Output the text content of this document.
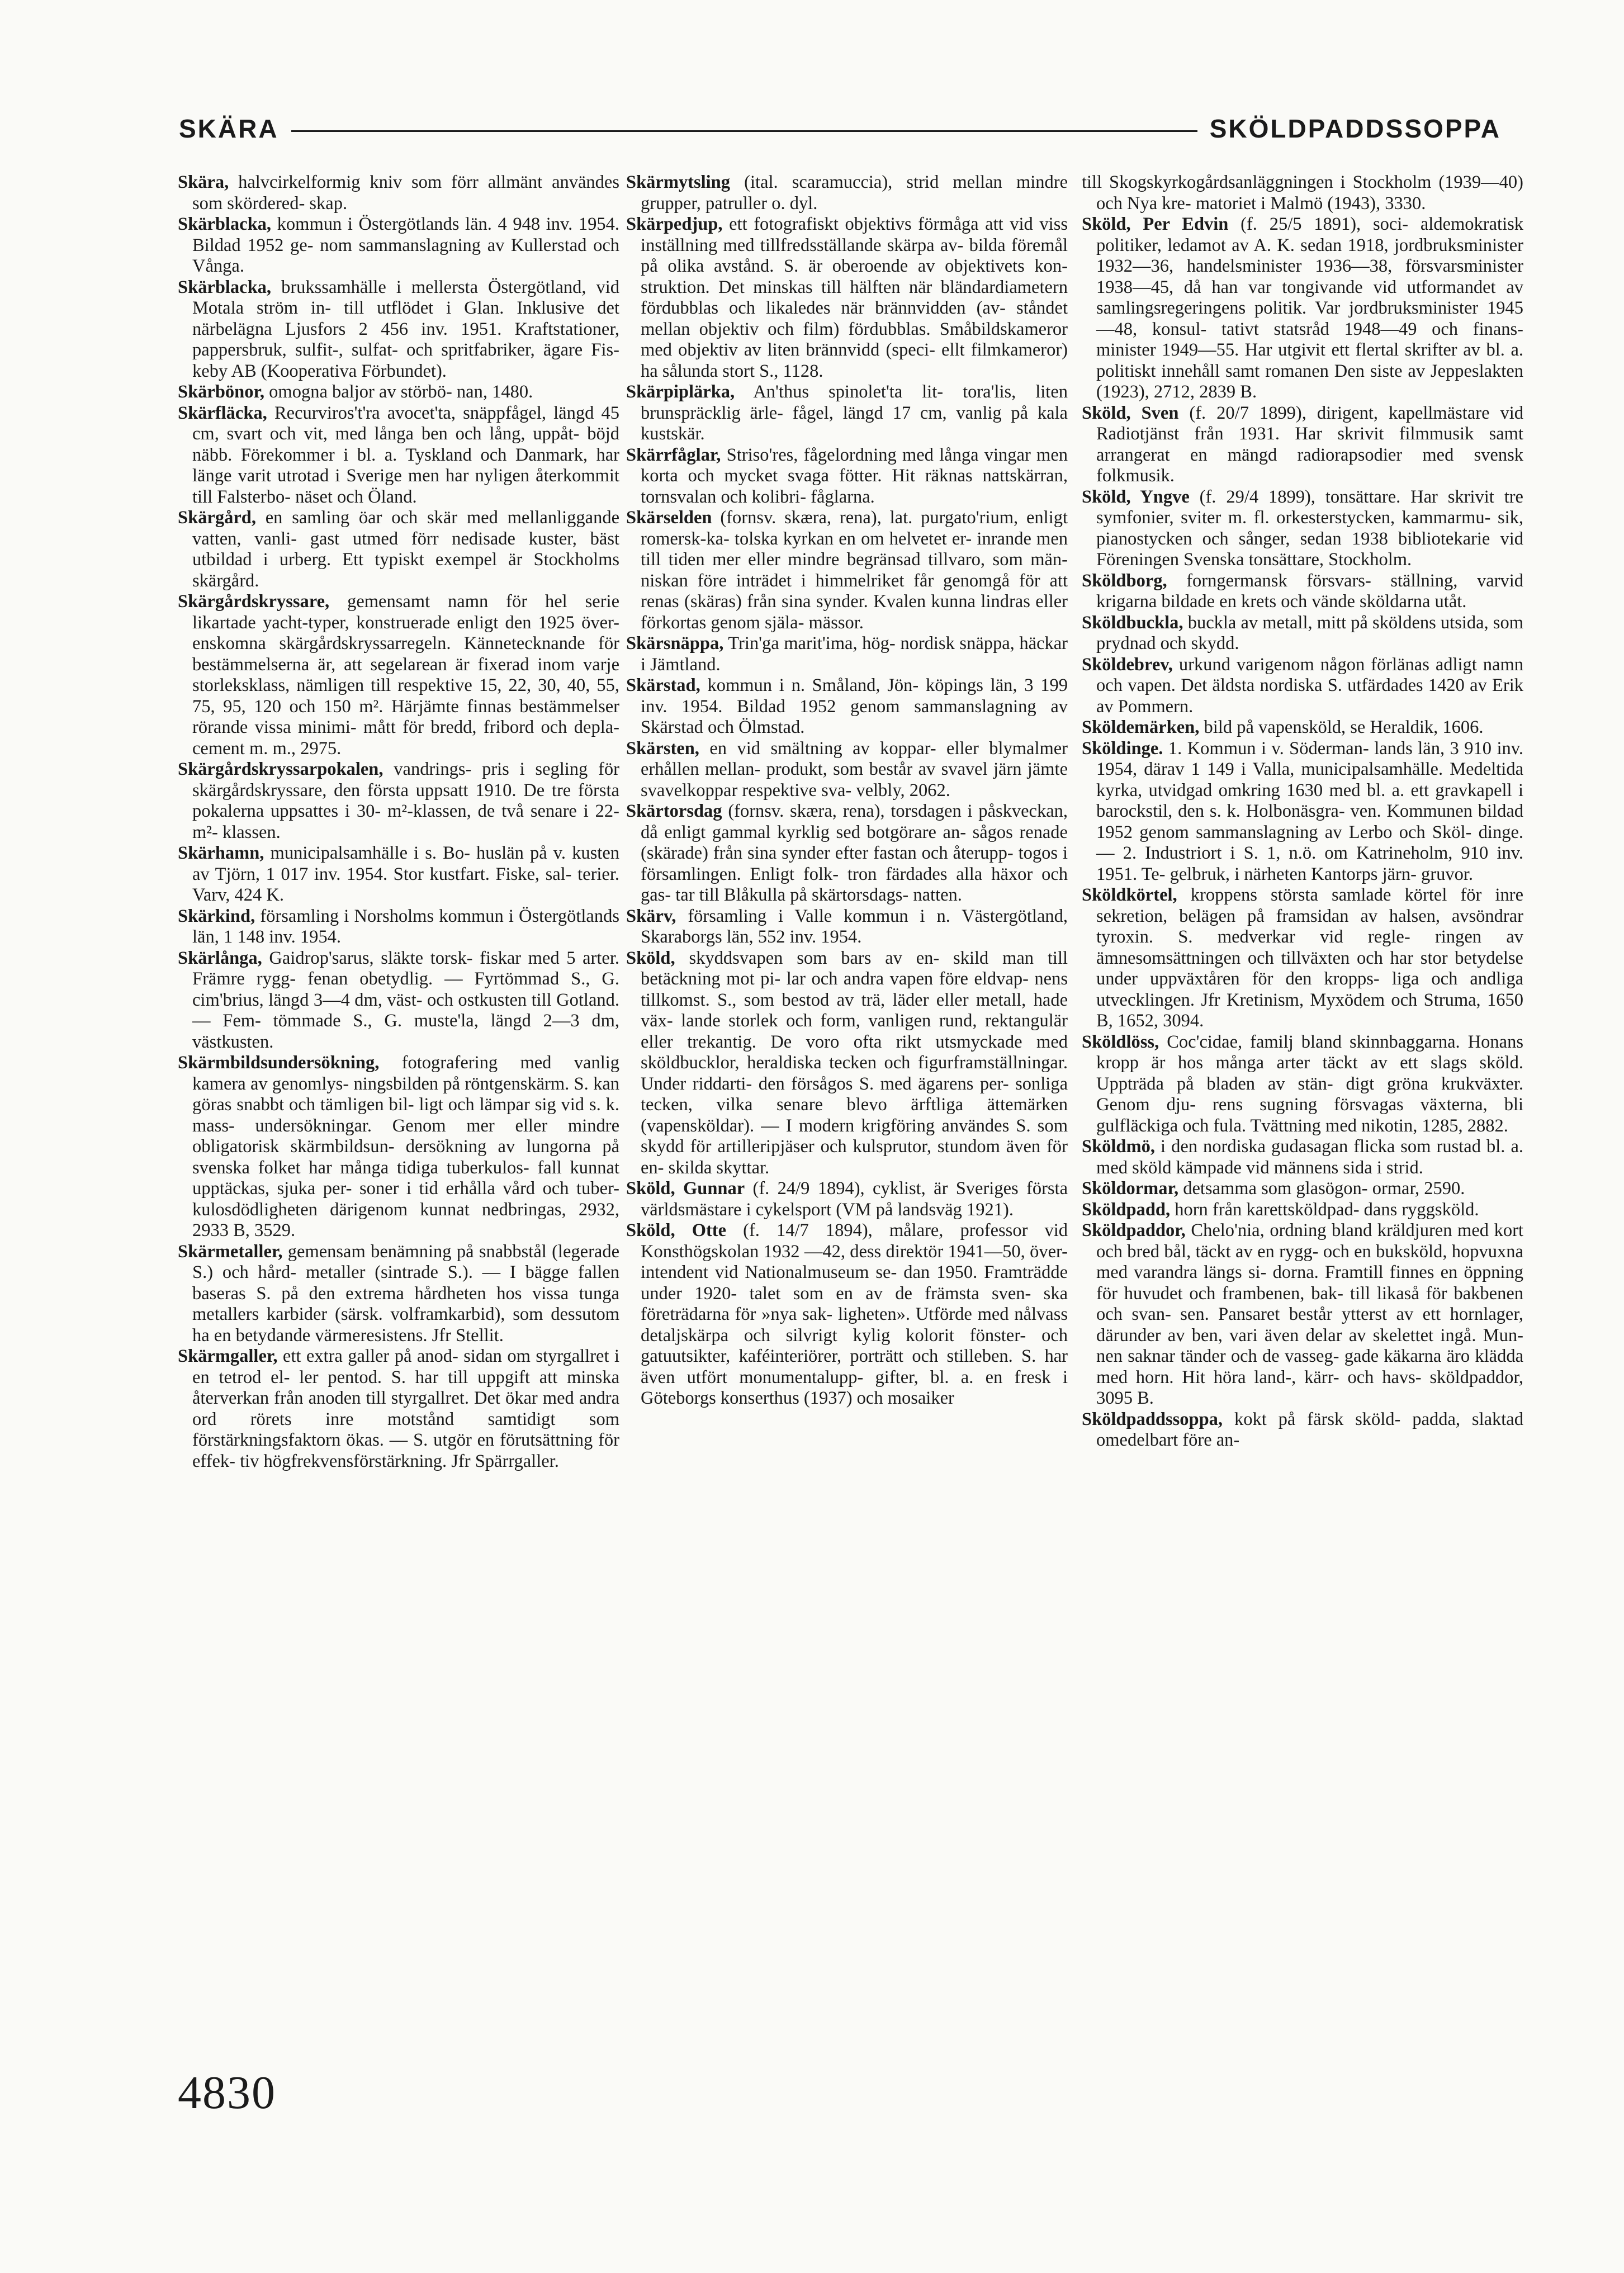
SKÄRA	SKÖLDPADDSSOPPA

Skära, halvcirkelformig kniv som förr allmänt användes som skördered- skap.

Skärblacka, kommun i Östergötlands län. 4 948 inv. 1954. Bildad 1952 ge- nom sammanslagning av Kullerstad och Vånga.

Skärblacka, brukssamhälle i mellersta Östergötland, vid Motala ström in- till utflödet i Glan. Inklusive det närbelägna Ljusfors 2 456 inv. 1951. Kraftstationer, pappersbruk, sulfit-, sulfat- och spritfabriker, ägare Fis- keby AB (Kooperativa Förbundet).

Skärbönor, omogna baljor av störbö- nan, 1480.

Skärfläcka, Recurviros't'ra avocet'ta, snäppfågel, längd 45 cm, svart och vit, med långa ben och lång, uppåt- böjd näbb. Förekommer i bl. a. Tyskland och Danmark, har länge varit utrotad i Sverige men har nyligen återkommit till Falsterbo- näset och Öland.

Skärgård, en samling öar och skär med mellanliggande vatten, vanli- gast utmed förr nedisade kuster, bäst utbildad i urberg. Ett typiskt exempel är Stockholms skärgård.

Skärgårdskryssare, gemensamt namn för hel serie likartade yacht-typer, konstruerade enligt den 1925 över- enskomna skärgårdskryssarregeln. Kännetecknande för bestämmelserna är, att segelarean är fixerad inom varje storleksklass, nämligen till respektive 15, 22, 30, 40, 55, 75, 95, 120 och 150 m². Härjämte finnas bestämmelser rörande vissa minimi- mått för bredd, fribord och depla- cement m. m., 2975.

Skärgårdskryssarpokalen, vandrings- pris i segling för skärgårdskryssare, den första uppsatt 1910. De tre första pokalerna uppsattes i 30- m²-klassen, de två senare i 22-m²- klassen.

Skärhamn, municipalsamhälle i s. Bo- huslän på v. kusten av Tjörn, 1 017 inv. 1954. Stor kustfart. Fiske, sal- terier. Varv, 424 K.

Skärkind, församling i Norsholms kommun i Östergötlands län, 1 148 inv. 1954.

Skärlånga, Gaidrop'sarus, släkte torsk- fiskar med 5 arter. Främre rygg- fenan obetydlig. — Fyrtömmad S., G. cim'brius, längd 3—4 dm, väst- och ostkusten till Gotland. — Fem- tömmade S., G. muste'la, längd 2—3 dm, västkusten.

Skärmbildsundersökning, fotografering med vanlig kamera av genomlys- ningsbilden på röntgenskärm. S. kan göras snabbt och tämligen bil- ligt och lämpar sig vid s. k. mass- undersökningar. Genom mer eller mindre obligatorisk skärmbildsun- dersökning av lungorna på svenska folket har många tidiga tuberkulos- fall kunnat upptäckas, sjuka per- soner i tid erhålla vård och tuber- kulosdödligheten därigenom kunnat nedbringas, 2932, 2933 B, 3529.

Skärmetaller, gemensam benämning på snabbstål (legerade S.) och hård- metaller (sintrade S.). — I bägge fallen baseras S. på den extrema hårdheten hos vissa tunga metallers karbider (särsk. volframkarbid), som dessutom ha en betydande värmeresistens. Jfr Stellit.

Skärmgaller, ett extra galler på anod- sidan om styrgallret i en tetrod el- ler pentod. S. har till uppgift att minska återverkan från anoden till styrgallret. Det ökar med andra ord rörets inre motstånd samtidigt som förstärkningsfaktorn ökas. — S. utgör en förutsättning för effek- tiv högfrekvensförstärkning. Jfr Spärrgaller.

Skärmytsling (ital. scaramuccia), strid mellan mindre grupper, patruller o. dyl.

Skärpedjup, ett fotografiskt objektivs förmåga att vid viss inställning med tillfredsställande skärpa av- bilda föremål på olika avstånd. S. är oberoende av objektivets kon- struktion. Det minskas till hälften när bländardiametern fördubblas och likaledes när brännvidden (av- ståndet mellan objektiv och film) fördubblas. Småbildskameror med objektiv av liten brännvidd (speci- ellt filmkameror) ha sålunda stort S., 1128.

Skärpiplärka, An'thus spinolet'ta lit- tora'lis, liten brunspräcklig ärle- fågel, längd 17 cm, vanlig på kala kustskär.

Skärrfåglar, Striso'res, fågelordning med långa vingar men korta och mycket svaga fötter. Hit räknas nattskärran, tornsvalan och kolibri- fåglarna.

Skärselden (fornsv. skæra, rena), lat. purgato'rium, enligt romersk-ka- tolska kyrkan en om helvetet er- inrande men till tiden mer eller mindre begränsad tillvaro, som män- niskan före inträdet i himmelriket får genomgå för att renas (skäras) från sina synder. Kvalen kunna lindras eller förkortas genom själa- mässor.

Skärsnäppa, Trin'ga marit'ima, hög- nordisk snäppa, häckar i Jämtland.

Skärstad, kommun i n. Småland, Jön- köpings län, 3 199 inv. 1954. Bildad 1952 genom sammanslagning av Skärstad och Ölmstad.

Skärsten, en vid smältning av koppar- eller blymalmer erhållen mellan- produkt, som består av svavel järn jämte svavelkoppar respektive sva- velbly, 2062.

Skärtorsdag (fornsv. skæra, rena), torsdagen i påskveckan, då enligt gammal kyrklig sed botgörare an- sågos renade (skärade) från sina synder efter fastan och återupp- togos i församlingen. Enligt folk- tron färdades alla häxor och gas- tar till Blåkulla på skärtorsdags- natten.

Skärv, församling i Valle kommun i n. Västergötland, Skaraborgs län, 552 inv. 1954.

Sköld, skyddsvapen som bars av en- skild man till betäckning mot pi- lar och andra vapen före eldvap- nens tillkomst. S., som bestod av trä, läder eller metall, hade väx- lande storlek och form, vanligen rund, rektangulär eller trekantig. De voro ofta rikt utsmyckade med sköldbucklor, heraldiska tecken och figurframställningar. Under riddarti- den försågos S. med ägarens per- sonliga tecken, vilka senare blevo ärftliga ättemärken (vapensköldar). — I modern krigföring användes S. som skydd för artilleripjäser och kulsprutor, stundom även för en- skilda skyttar.

Sköld, Gunnar (f. 24/9 1894), cyklist, är Sveriges första världsmästare i cykelsport (VM på landsväg 1921).

Sköld, Otte (f. 14/7 1894), målare, professor vid Konsthögskolan 1932 —42, dess direktör 1941—50, över- intendent vid Nationalmuseum se- dan 1950. Framträdde under 1920- talet som en av de främsta sven- ska företrädarna för »nya sak- ligheten». Utförde med nålvass detaljskärpa och silvrigt kylig kolorit fönster- och gatuutsikter, kaféinteriörer, porträtt och stilleben. S. har även utfört monumentalupp- gifter, bl. a. en fresk i Göteborgs konserthus (1937) och mosaiker

till Skogskyrkogårdsanläggningen i Stockholm (1939—40) och Nya kre- matoriet i Malmö (1943), 3330.

Sköld, Per Edvin (f. 25/5 1891), soci- aldemokratisk politiker, ledamot av A. K. sedan 1918, jordbruksminister 1932—36, handelsminister 1936—38, försvarsminister 1938—45, då han var tongivande vid utformandet av samlingsregeringens politik. Var jordbruksminister 1945—48, konsul- tativt statsråd 1948—49 och finans- minister 1949—55. Har utgivit ett flertal skrifter av bl. a. politiskt innehåll samt romanen Den siste av Jeppeslakten (1923), 2712, 2839 B.

Sköld, Sven (f. 20/7 1899), dirigent, kapellmästare vid Radiotjänst från 1931. Har skrivit filmmusik samt arrangerat en mängd radiorapsodier med svensk folkmusik.

Sköld, Yngve (f. 29/4 1899), tonsättare. Har skrivit tre symfonier, sviter m. fl. orkesterstycken, kammarmu- sik, pianostycken och sånger, sedan 1938 bibliotekarie vid Föreningen Svenska tonsättare, Stockholm.

Sköldborg, forngermansk försvars- ställning, varvid krigarna bildade en krets och vände sköldarna utåt.

Sköldbuckla, buckla av metall, mitt på sköldens utsida, som prydnad och skydd.

Sköldebrev, urkund varigenom någon förlänas adligt namn och vapen. Det äldsta nordiska S. utfärdades 1420 av Erik av Pommern.

Sköldemärken, bild på vapensköld, se Heraldik, 1606.

Sköldinge. 1. Kommun i v. Söderman- lands län, 3 910 inv. 1954, därav 1 149 i Valla, municipalsamhälle. Medeltida kyrka, utvidgad omkring 1630 med bl. a. ett gravkapell i barockstil, den s. k. Holbonäsgra- ven. Kommunen bildad 1952 genom sammanslagning av Lerbo och Sköl- dinge. — 2. Industriort i S. 1, n.ö. om Katrineholm, 910 inv. 1951. Te- gelbruk, i närheten Kantorps järn- gruvor.

Sköldkörtel, kroppens största samlade körtel för inre sekretion, belägen på framsidan av halsen, avsöndrar tyroxin. S. medverkar vid regle- ringen av ämnesomsättningen och tillväxten och har stor betydelse under uppväxtåren för den kropps- liga och andliga utvecklingen. Jfr Kretinism, Myxödem och Struma, 1650 B, 1652, 3094.

Sköldlöss, Coc'cidae, familj bland skinnbaggarna. Honans kropp är hos många arter täckt av ett slags sköld. Uppträda på bladen av stän- digt gröna krukväxter. Genom dju- rens sugning försvagas växterna, bli gulfläckiga och fula. Tvättning med nikotin, 1285, 2882.

Sköldmö, i den nordiska gudasagan flicka som rustad bl. a. med sköld kämpade vid männens sida i strid.

Sköldormar, detsamma som glasögon- ormar, 2590.

Sköldpadd, horn från karettsköldpad- dans ryggsköld.

Sköldpaddor, Chelo'nia, ordning bland kräldjuren med kort och bred bål, täckt av en rygg- och en buksköld, hopvuxna med varandra längs si- dorna. Framtill finnes en öppning för huvudet och frambenen, bak- till likaså för bakbenen och svan- sen. Pansaret består ytterst av ett hornlager, därunder av ben, vari även delar av skelettet ingå. Mun- nen saknar tänder och de vasseg- gade käkarna äro klädda med horn. Hit höra land-, kärr- och havs- sköldpaddor, 3095 B.

Sköldpaddssoppa, kokt på färsk sköld- padda, slaktad omedelbart före an-

4830
